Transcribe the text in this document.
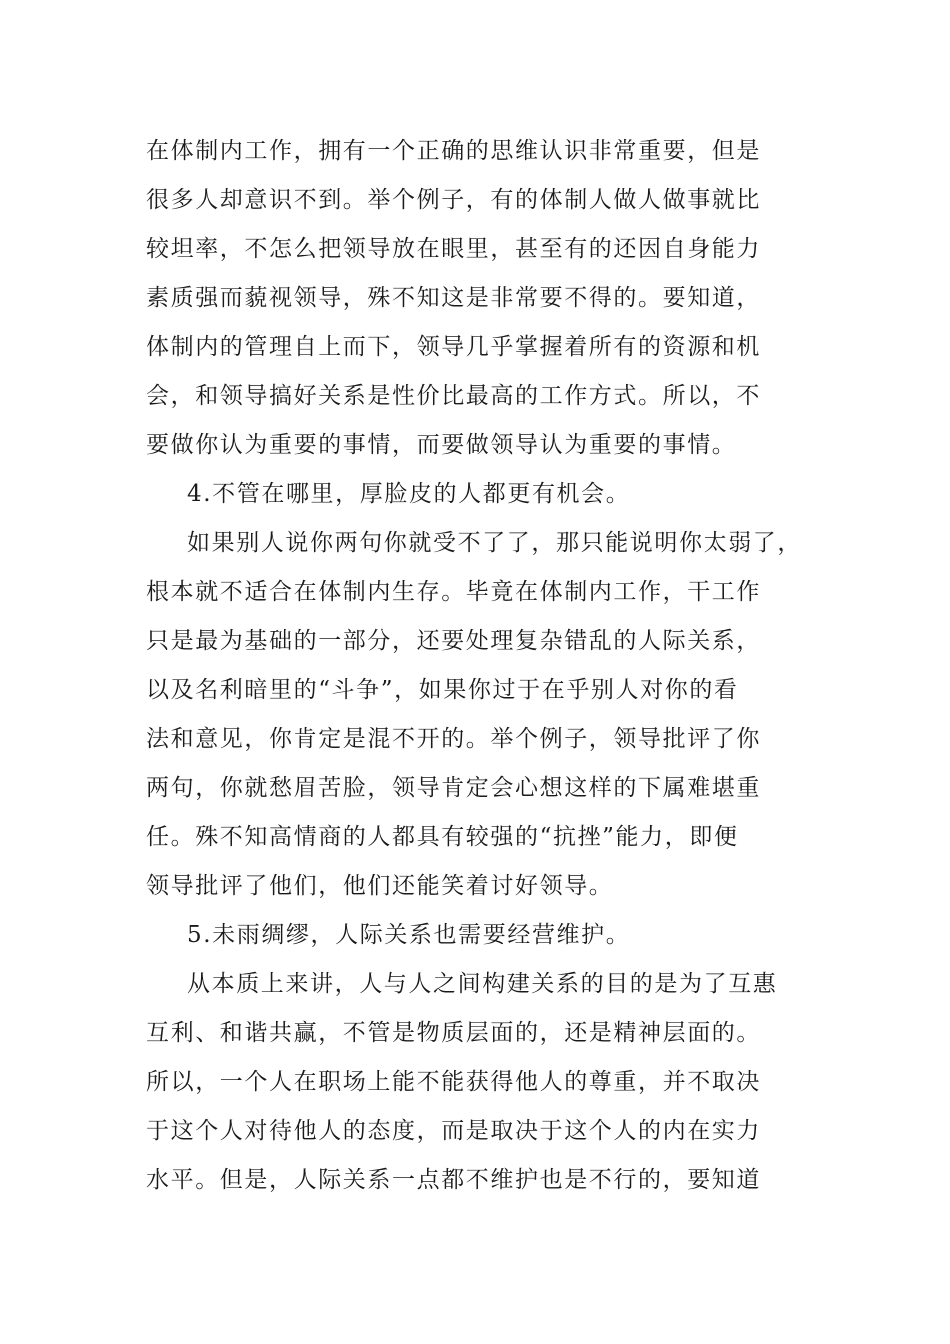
在体制内工作，拥有一个正确的思维认识非常重要，但是
很多人却意识不到。举个例子，有的体制人做人做事就比
较坦率，不怎么把领导放在眼里，甚至有的还因自身能力
素质强而藐视领导，殊不知这是非常要不得的。要知道，
体制内的管理自上而下，领导几乎掌握着所有的资源和机
会，和领导搞好关系是性价比最高的工作方式。所以，不
要做你认为重要的事情，而要做领导认为重要的事情。
4.不管在哪里，厚脸皮的人都更有机会。
如果别人说你两句你就受不了了，那只能说明你太弱了，
根本就不适合在体制内生存。毕竟在体制内工作，干工作
只是最为基础的一部分，还要处理复杂错乱的人际关系，
以及名利暗里的“斗争”，如果你过于在乎别人对你的看
法和意见，你肯定是混不开的。举个例子，领导批评了你
两句，你就愁眉苦脸，领导肯定会心想这样的下属难堪重
任。殊不知高情商的人都具有较强的“抗挫”能力，即便
领导批评了他们，他们还能笑着讨好领导。
5.未雨绸缪，人际关系也需要经营维护。
从本质上来讲，人与人之间构建关系的目的是为了互惠
互利、和谐共赢，不管是物质层面的，还是精神层面的。
所以，一个人在职场上能不能获得他人的尊重，并不取决
于这个人对待他人的态度，而是取决于这个人的内在实力
水平。但是，人际关系一点都不维护也是不行的，要知道
